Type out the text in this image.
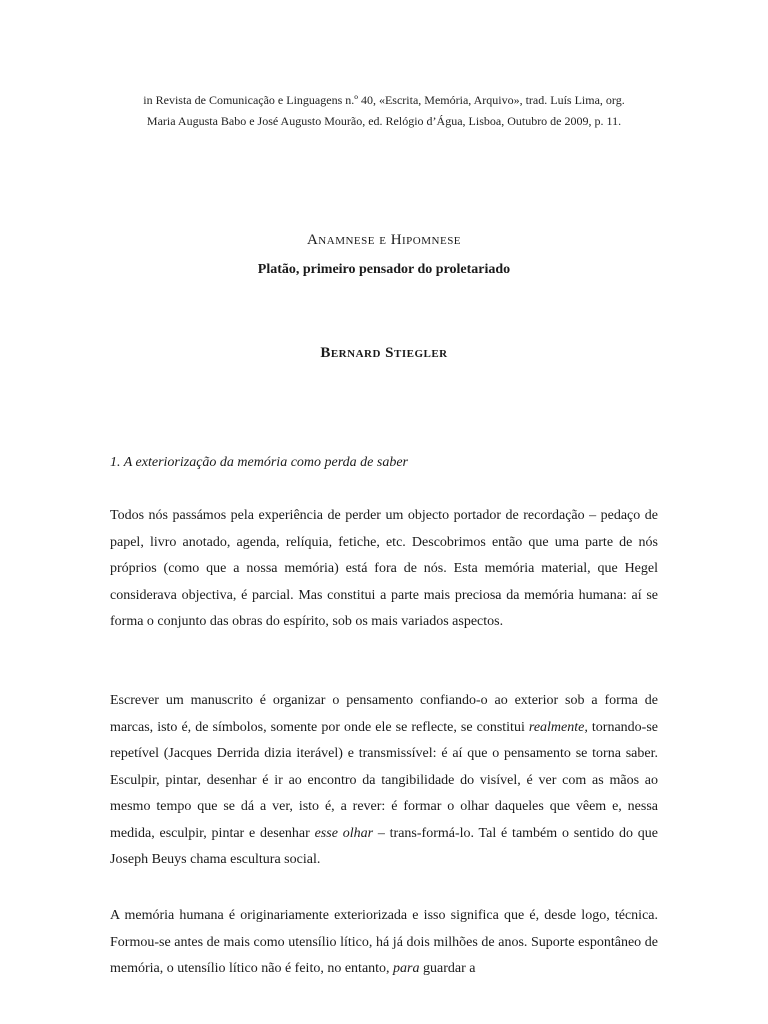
in Revista de Comunicação e Linguagens n.º 40, «Escrita, Memória, Arquivo», trad. Luís Lima, org.
Maria Augusta Babo e José Augusto Mourão, ed. Relógio d’Água, Lisboa, Outubro de 2009, p. 11.
Anamnese e Hipomnese
Platão, primeiro pensador do proletariado
Bernard Stiegler
1. A exteriorização da memória como perda de saber
Todos nós passámos pela experiência de perder um objecto portador de recordação – pedaço de papel, livro anotado, agenda, relíquia, fetiche, etc. Descobrimos então que uma parte de nós próprios (como que a nossa memória) está fora de nós. Esta memória material, que Hegel considerava objectiva, é parcial. Mas constitui a parte mais preciosa da memória humana: aí se forma o conjunto das obras do espírito, sob os mais variados aspectos.
Escrever um manuscrito é organizar o pensamento confiando-o ao exterior sob a forma de marcas, isto é, de símbolos, somente por onde ele se reflecte, se constitui realmente, tornando-se repetível (Jacques Derrida dizia iterável) e transmissível: é aí que o pensamento se torna saber. Esculpir, pintar, desenhar é ir ao encontro da tangibilidade do visível, é ver com as mãos ao mesmo tempo que se dá a ver, isto é, a rever: é formar o olhar daqueles que vêem e, nessa medida, esculpir, pintar e desenhar esse olhar – trans-formá-lo. Tal é também o sentido do que Joseph Beuys chama escultura social.
A memória humana é originariamente exteriorizada e isso significa que é, desde logo, técnica. Formou-se antes de mais como utensílio lítico, há já dois milhões de anos. Suporte espontâneo de memória, o utensílio lítico não é feito, no entanto, para guardar a
